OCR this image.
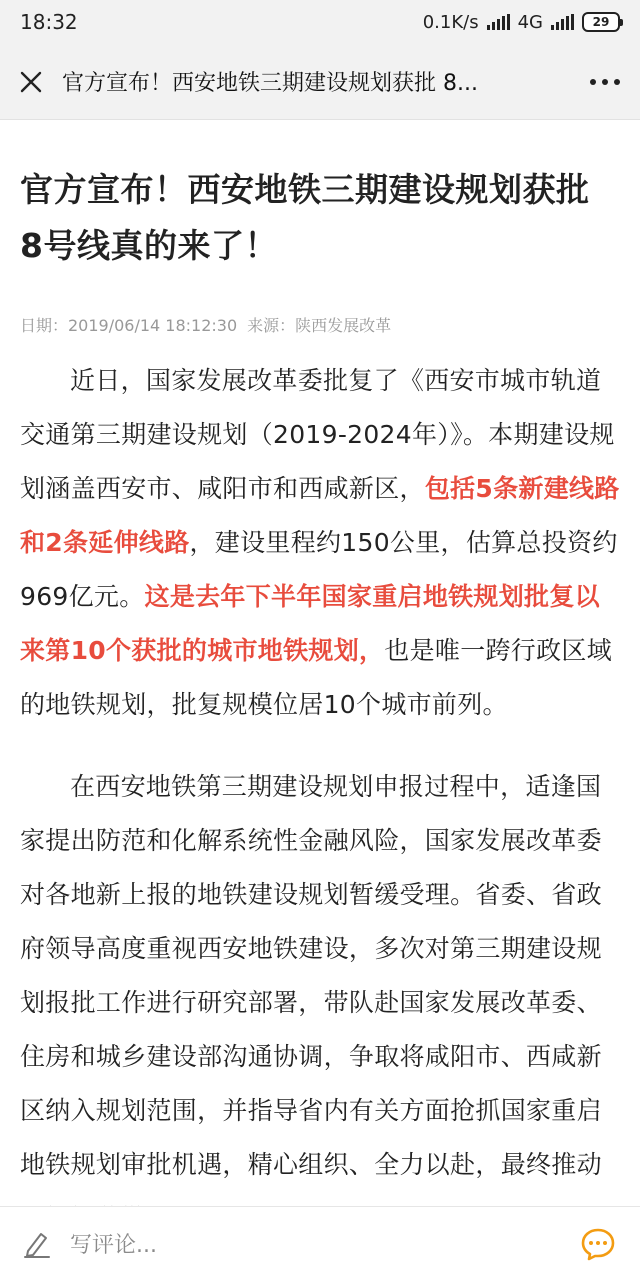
18:32	0.1K/s 4G	29
官方宣布！西安地铁三期建设规划获批 8...
官方宣布！西安地铁三期建设规划获批 8号线真的来了！
日期：2019/06/14 18:12:30 来源：陕西发展改革

近日，国家发展改革委批复了《西安市城市轨道交通第三期建设规划（2019-2024年）》。本期建设规划涵盖西安市、咸阳市和西咸新区，包括5条新建线路和2条延伸线路，建设里程约150公里，估算总投资约969亿元。这是去年下半年国家重启地铁规划批复以来第10个获批的城市地铁规划，也是唯一跨行政区域的地铁规划，批复规模位居10个城市前列。

在西安地铁第三期建设规划申报过程中，适逢国家提出防范和化解系统性金融风险，国家发展改革委对各地新上报的地铁建设规划暂缓受理。省委、省政府领导高度重视西安地铁建设，多次对第三期建设规划报批工作进行研究部署，带队赴国家发展改革委、住房和城乡建设部沟通协调，争取将咸阳市、西咸新区纳入规划范围，并指导省内有关方面抢抓国家重启地铁规划审批机遇，精心组织、全力以赴，最终推动

写评论...
